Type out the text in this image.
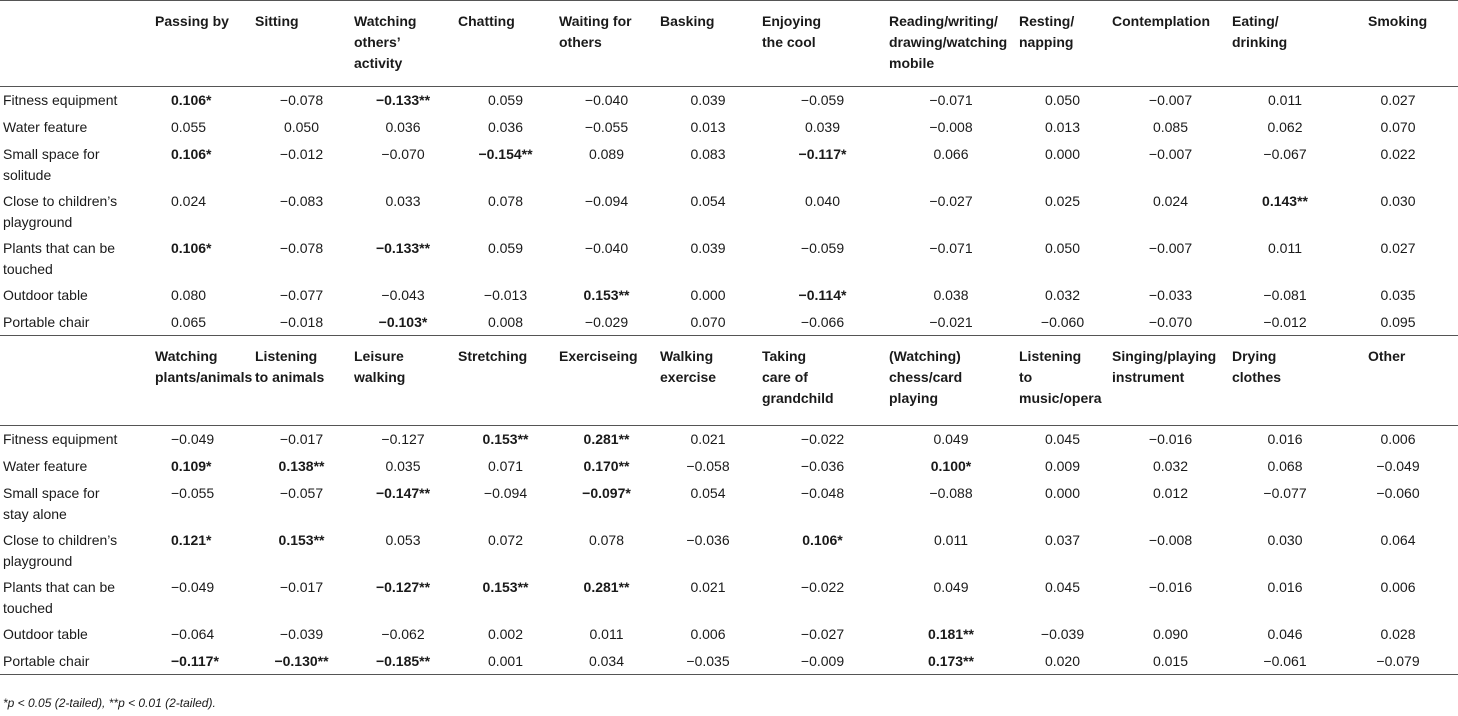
	Passing by	Sitting	Watching
others’
activity	Chatting	Waiting for
others	Basking	Enjoying
the cool	Reading/writing/
drawing/watching
mobile	Resting/
napping	Contemplation	Eating/
drinking	Smoking

Fitness equipment	0.106*	−0.078	−0.133**	0.059	−0.040	0.039	−0.059	−0.071	0.050	−0.007	0.011	0.027

Water feature	0.055	0.050	0.036	0.036	−0.055	0.013	0.039	−0.008	0.013	0.085	0.062	0.070

Small space for
solitude	0.106*	−0.012	−0.070	−0.154**	0.089	0.083	−0.117*	0.066	0.000	−0.007	−0.067	0.022

Close to children’s
playground	0.024	−0.083	0.033	0.078	−0.094	0.054	0.040	−0.027	0.025	0.024	0.143**	0.030

Plants that can be
touched	0.106*	−0.078	−0.133**	0.059	−0.040	0.039	−0.059	−0.071	0.050	−0.007	0.011	0.027

Outdoor table	0.080	−0.077	−0.043	−0.013	0.153**	0.000	−0.114*	0.038	0.032	−0.033	−0.081	0.035

Portable chair	0.065	−0.018	−0.103*	0.008	−0.029	0.070	−0.066	−0.021	−0.060	−0.070	−0.012	0.095

	Watching
plants/animals	Listening
to animals	Leisure
walking	Stretching	Exerciseing	Walking
exercise	Taking
care of
grandchild	(Watching)
chess/card
playing	Listening
to
music/opera	Singing/playing
instrument	Drying
clothes	Other

Fitness equipment	−0.049	−0.017	−0.127	0.153**	0.281**	0.021	−0.022	0.049	0.045	−0.016	0.016	0.006

Water feature	0.109*	0.138**	0.035	0.071	0.170**	−0.058	−0.036	0.100*	0.009	0.032	0.068	−0.049

Small space for
stay alone	−0.055	−0.057	−0.147**	−0.094	−0.097*	0.054	−0.048	−0.088	0.000	0.012	−0.077	−0.060

Close to children’s
playground	0.121*	0.153**	0.053	0.072	0.078	−0.036	0.106*	0.011	0.037	−0.008	0.030	0.064

Plants that can be
touched	−0.049	−0.017	−0.127**	0.153**	0.281**	0.021	−0.022	0.049	0.045	−0.016	0.016	0.006

Outdoor table	−0.064	−0.039	−0.062	0.002	0.011	0.006	−0.027	0.181**	−0.039	0.090	0.046	0.028

Portable chair	−0.117*	−0.130**	−0.185**	0.001	0.034	−0.035	−0.009	0.173**	0.020	0.015	−0.061	−0.079
*p < 0.05 (2-tailed), **p < 0.01 (2-tailed).
